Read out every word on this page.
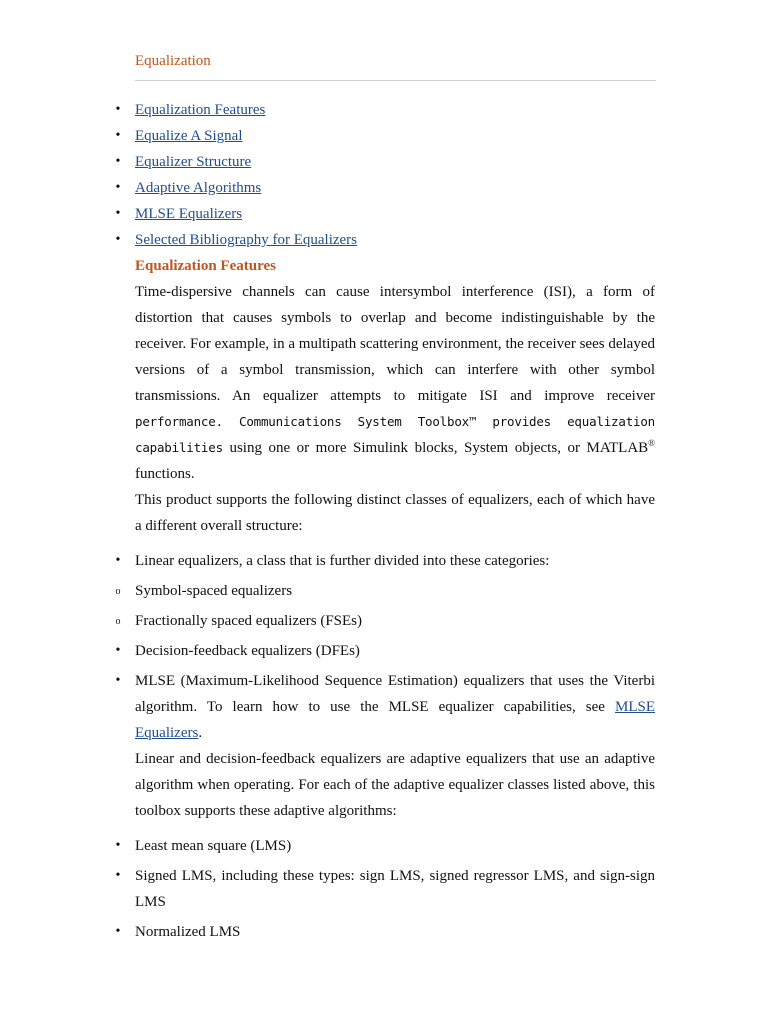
Equalization
• Equalization Features
• Equalize A Signal
• Equalizer Structure
• Adaptive Algorithms
• MLSE Equalizers
• Selected Bibliography for Equalizers
Equalization Features
Time-dispersive channels can cause intersymbol interference (ISI), a form of distortion that causes symbols to overlap and become indistinguishable by the receiver. For example, in a multipath scattering environment, the receiver sees delayed versions of a symbol transmission, which can interfere with other symbol transmissions. An equalizer attempts to mitigate ISI and improve receiver performance. Communications System Toolbox™ provides equalization capabilities using one or more Simulink blocks, System objects, or MATLAB® functions.
This product supports the following distinct classes of equalizers, each of which have a different overall structure:
• Linear equalizers, a class that is further divided into these categories:
o Symbol-spaced equalizers
o Fractionally spaced equalizers (FSEs)
• Decision-feedback equalizers (DFEs)
• MLSE (Maximum-Likelihood Sequence Estimation) equalizers that uses the Viterbi algorithm. To learn how to use the MLSE equalizer capabilities, see MLSE Equalizers.
Linear and decision-feedback equalizers are adaptive equalizers that use an adaptive algorithm when operating. For each of the adaptive equalizer classes listed above, this toolbox supports these adaptive algorithms:
• Least mean square (LMS)
• Signed LMS, including these types: sign LMS, signed regressor LMS, and sign-sign LMS
• Normalized LMS
